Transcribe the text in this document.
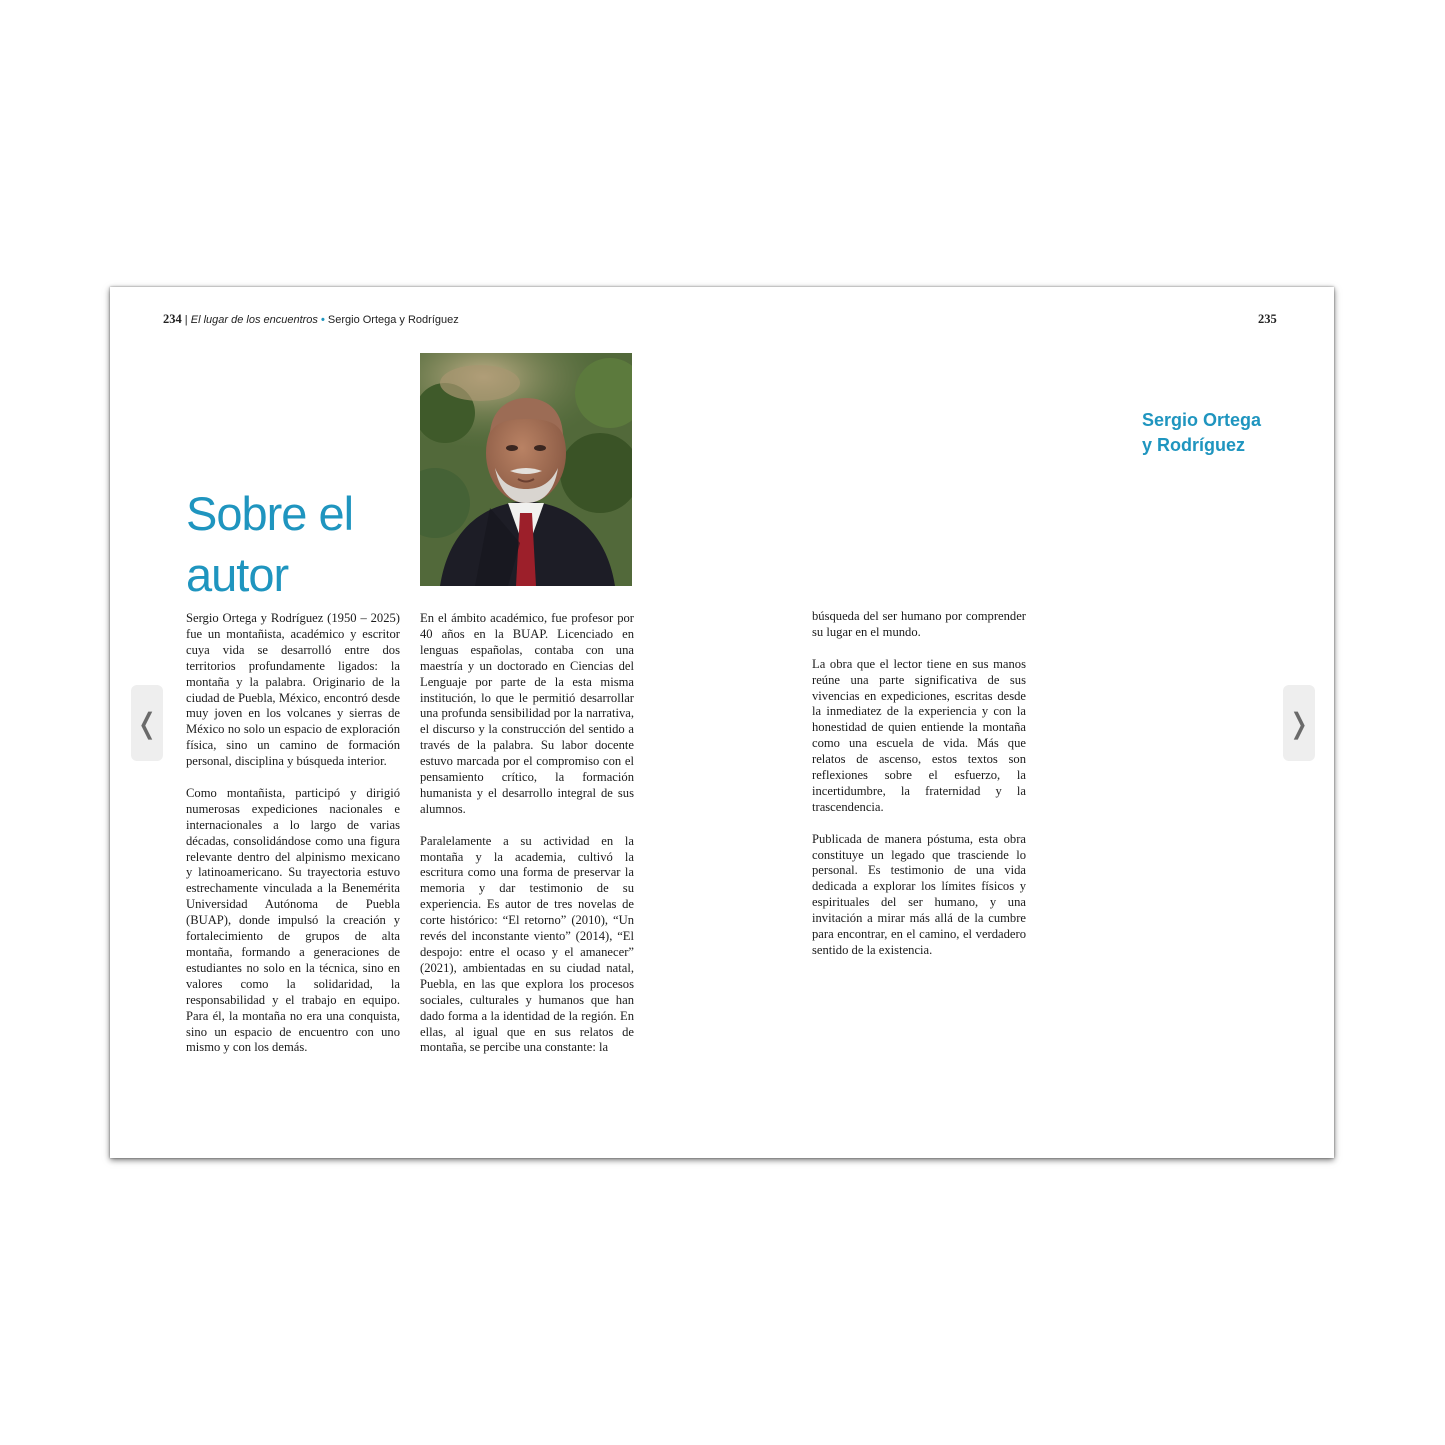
234 | El lugar de los encuentros • Sergio Ortega y Rodríguez	235
Sobre el autor
Sergio Ortega y Rodríguez

Sergio Ortega y Rodríguez (1950 – 2025) fue un montañista, académico y escritor cuya vida se desarrolló entre dos territorios profundamente ligados: la montaña y la palabra. Originario de la ciudad de Puebla, México, encontró desde muy joven en los volcanes y sierras de México no solo un espacio de exploración física, sino un camino de formación personal, disciplina y búsqueda interior.

Como montañista, participó y dirigió numerosas expediciones nacionales e internacionales a lo largo de varias décadas, consolidándose como una figura relevante dentro del alpinismo mexicano y latinoamericano. Su trayectoria estuvo estrechamente vinculada a la Benemérita Universidad Autónoma de Puebla (BUAP), donde impulsó la creación y fortalecimiento de grupos de alta montaña, formando a generaciones de estudiantes no solo en la técnica, sino en valores como la solidaridad, la responsabilidad y el trabajo en equipo. Para él, la montaña no era una conquista, sino un espacio de encuentro con uno mismo y con los demás.

En el ámbito académico, fue profesor por 40 años en la BUAP. Licenciado en lenguas españolas, contaba con una maestría y un doctorado en Ciencias del Lenguaje por parte de la esta misma institución, lo que le permitió desarrollar una profunda sensibilidad por la narrativa, el discurso y la construcción del sentido a través de la palabra. Su labor docente estuvo marcada por el compromiso con el pensamiento crítico, la formación humanista y el desarrollo integral de sus alumnos.

Paralelamente a su actividad en la montaña y la academia, cultivó la escritura como una forma de preservar la memoria y dar testimonio de su experiencia. Es autor de tres novelas de corte histórico: “El retorno” (2010), “Un revés del inconstante viento” (2014), “El despojo: entre el ocaso y el amanecer” (2021), ambientadas en su ciudad natal, Puebla, en las que explora los procesos sociales, culturales y humanos que han dado forma a la identidad de la región. En ellas, al igual que en sus relatos de montaña, se percibe una constante: la

búsqueda del ser humano por comprender su lugar en el mundo.

La obra que el lector tiene en sus manos reúne una parte significativa de sus vivencias en expediciones, escritas desde la inmediatez de la experiencia y con la honestidad de quien entiende la montaña como una escuela de vida. Más que relatos de ascenso, estos textos son reflexiones sobre el esfuerzo, la incertidumbre, la fraternidad y la trascendencia.

Publicada de manera póstuma, esta obra constituye un legado que trasciende lo personal. Es testimonio de una vida dedicada a explorar los límites físicos y espirituales del ser humano, y una invitación a mirar más allá de la cumbre para encontrar, en el camino, el verdadero sentido de la existencia.

❬	❭
